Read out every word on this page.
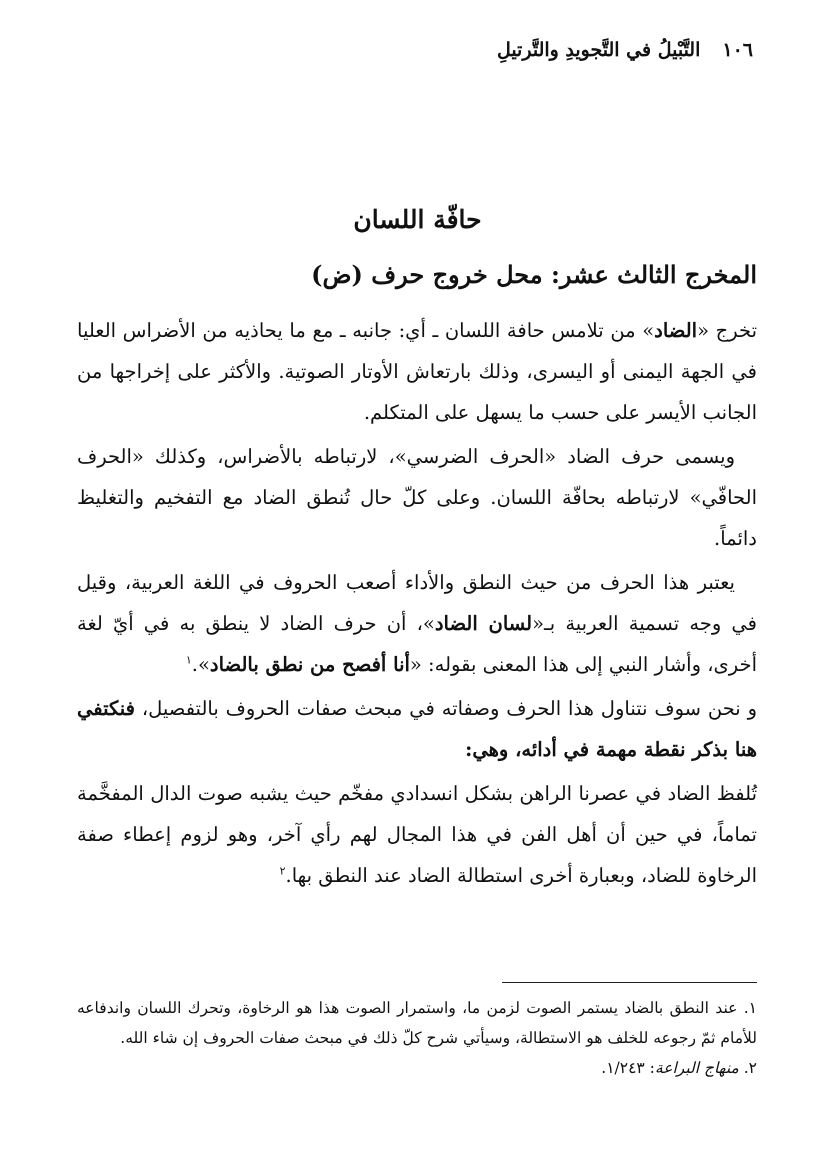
١٠٦
التَّبْيلُ في التَّجويدِ والتَّرتيلِ
حافّة اللسان
المخرج الثالث عشر: محل خروج حرف (ض)

تخرج «الضاد» من تلامس حافة اللسان ـ أي: جانبه ـ مع ما يحاذيه من الأضراس العليا في الجهة اليمنى أو اليسرى، وذلك بارتعاش الأوتار الصوتية. والأكثر على إخراجها من الجانب الأيسر على حسب ما يسهل على المتكلم.

ويسمى حرف الضاد «الحرف الضرسي»، لارتباطه بالأضراس، وكذلك «الحرف الحافّي» لارتباطه بحافّة اللسان. وعلى كلّ حال تُنطق الضاد مع التفخيم والتغليظ دائماً.

يعتبر هذا الحرف من حيث النطق والأداء أصعب الحروف في اللغة العربية، وقيل في وجه تسمية العربية بـ«لسان الضاد»، أن حرف الضاد لا ينطق به في أيّ لغة أخرى، وأشار النبي إلى هذا المعنى بقوله: «أنا أفصح من نطق بالضاد».$^١$

و نحن سوف نتناول هذا الحرف وصفاته في مبحث صفات الحروف بالتفصيل، فنكتفي هنا بذكر نقطة مهمة في أدائه، وهي:

تُلفظ الضاد في عصرنا الراهن بشكل انسدادي مفخّم حيث يشبه صوت الدال المفخَّمة تماماً، في حين أن أهل الفن في هذا المجال لهم رأي آخر، وهو لزوم إعطاء صفة الرخاوة للضاد، وبعبارة أخرى استطالة الضاد عند النطق بها.$^٢$

١. عند النطق بالضاد يستمر الصوت لزمن ما، واستمرار الصوت هذا هو الرخاوة، وتحرك اللسان واندفاعه للأمام ثمّ رجوعه للخلف هو الاستطالة، وسيأتي شرح كلّ ذلك في مبحث صفات الحروف إن شاء الله.

٢. منهاج البراعة: ١/٢٤٣.
